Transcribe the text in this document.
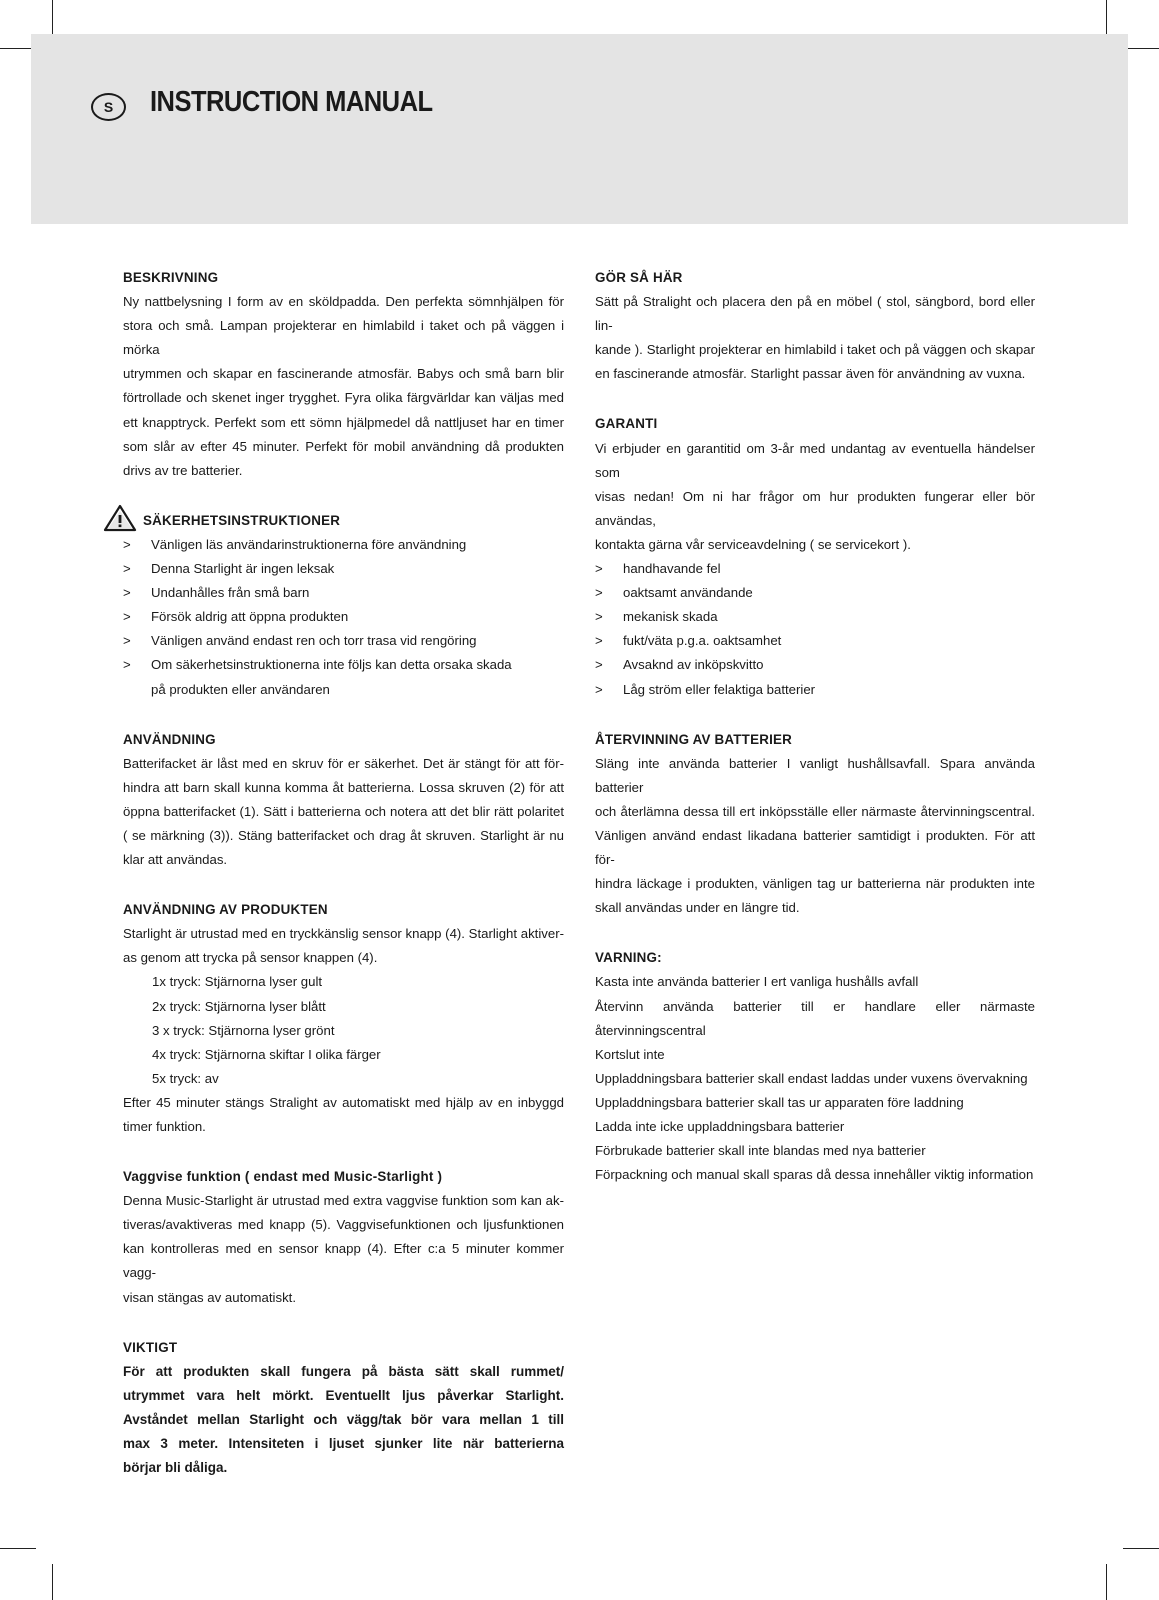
S	INSTRUCTION MANUAL

BESKRIVNING

Ny nattbelysning I form av en sköldpadda. Den perfekta sömnhjälpen för
stora och små. Lampan projekterar en himlabild i taket och på väggen i mörka
utrymmen och skapar en fascinerande atmosfär. Babys och små barn blir
förtrollade och skenet inger trygghet. Fyra olika färgvärldar kan väljas med
ett knapptryck. Perfekt som ett sömn hjälpmedel då nattljuset har en timer
som slår av efter 45 minuter. Perfekt för mobil användning då produkten
drivs av tre batterier.

SÄKERHETSINSTRUKTIONER

> Vänligen läs användarinstruktionerna före användning
> Denna Starlight är ingen leksak
> Undanhålles från små barn
> Försök aldrig att öppna produkten
> Vänligen använd endast ren och torr trasa vid rengöring
> Om säkerhetsinstruktionerna inte följs kan detta orsaka skada
på produkten eller användaren

ANVÄNDNING

Batterifacket är låst med en skruv för er säkerhet. Det är stängt för att för-
hindra att barn skall kunna komma åt batterierna. Lossa skruven (2) för att
öppna batterifacket (1). Sätt i batterierna och notera att det blir rätt polaritet
( se märkning (3)). Stäng batterifacket och drag åt skruven. Starlight är nu
klar att användas.

ANVÄNDNING AV PRODUKTEN

Starlight är utrustad med en tryckkänslig sensor knapp (4). Starlight aktiver-
as genom att trycka på sensor knappen (4).
1x tryck: Stjärnorna lyser gult
2x tryck: Stjärnorna lyser blått
3 x tryck: Stjärnorna lyser grönt
4x tryck: Stjärnorna skiftar I olika färger
5x tryck: av
Efter 45 minuter stängs Stralight av automatiskt med hjälp av en inbyggd
timer funktion.

Vaggvise funktion ( endast med Music-Starlight )

Denna Music-Starlight är utrustad med extra vaggvise funktion som kan ak-
tiveras/avaktiveras med knapp (5). Vaggvisefunktionen och ljusfunktionen
kan kontrolleras med en sensor knapp (4). Efter c:a 5 minuter kommer vagg-
visan stängas av automatiskt.

VIKTIGT

För att produkten skall fungera på bästa sätt skall rummet/
utrymmet vara helt mörkt. Eventuellt ljus påverkar Starlight.
Avståndet mellan Starlight och vägg/tak bör vara mellan 1 till
max 3 meter. Intensiteten i ljuset sjunker lite när batterierna
börjar bli dåliga.

GÖR SÅ HÄR

Sätt på Stralight och placera den på en möbel ( stol, sängbord, bord eller lin-
kande ). Starlight projekterar en himlabild i taket och på väggen och skapar
en fascinerande atmosfär. Starlight passar även för användning av vuxna.

GARANTI

Vi erbjuder en garantitid om 3-år med undantag av eventuella händelser som
visas nedan! Om ni har frågor om hur produkten fungerar eller bör användas,
kontakta gärna vår serviceavdelning ( se servicekort ).
> handhavande fel
> oaktsamt användande
> mekanisk skada
> fukt/väta p.g.a. oaktsamhet
> Avsaknd av inköpskvitto
> Låg ström eller felaktiga batterier

ÅTERVINNING AV BATTERIER

Släng inte använda batterier I vanligt hushållsavfall. Spara använda batterier
och återlämna dessa till ert inköpsställe eller närmaste återvinningscentral.
Vänligen använd endast likadana batterier samtidigt i produkten. För att för-
hindra läckage i produkten, vänligen tag ur batterierna när produkten inte
skall användas under en längre tid.

VARNING:

Kasta inte använda batterier I ert vanliga hushålls avfall
Återvinn använda batterier till er handlare eller närmaste återvinningscentral
Kortslut inte
Uppladdningsbara batterier skall endast laddas under vuxens övervakning
Uppladdningsbara batterier skall tas ur apparaten före laddning
Ladda inte icke uppladdningsbara batterier
Förbrukade batterier skall inte blandas med nya batterier
Förpackning och manual skall sparas då dessa innehåller viktig information
